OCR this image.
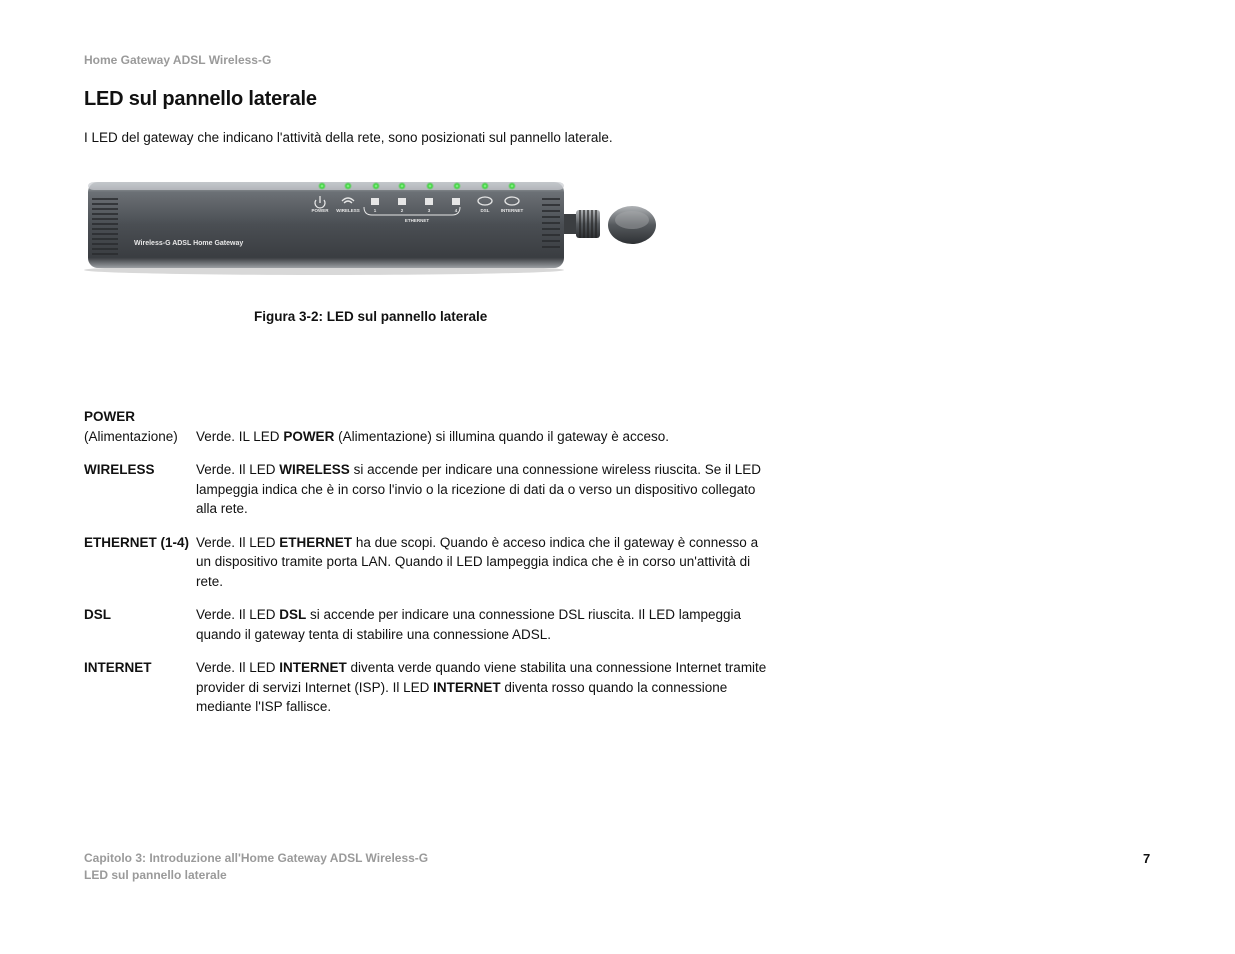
Home Gateway ADSL Wireless-G
LED sul pannello laterale
I LED del gateway che indicano l'attività della rete, sono posizionati sul pannello laterale.
POWER WIRELESS	1	2	3	4	DSL	INTERNET
ETHERNET
Wireless-G ADSL Home Gateway
Figura 3-2: LED sul pannello laterale
POWER
(Alimentazione)	Verde. IL LED POWER (Alimentazione) si illumina quando il gateway è acceso.
WIRELESS	Verde. Il LED WIRELESS si accende per indicare una connessione wireless riuscita. Se il LED lampeggia indica che è in corso l'invio o la ricezione di dati da o verso un dispositivo collegato alla rete.
ETHERNET (1-4) Verde. Il LED ETHERNET ha due scopi. Quando è acceso indica che il gateway è connesso a un dispositivo tramite porta LAN. Quando il LED lampeggia indica che è in corso un'attività di rete.
DSL	Verde. Il LED DSL si accende per indicare una connessione DSL riuscita. Il LED lampeggia quando il gateway tenta di stabilire una connessione ADSL.
INTERNET	Verde. Il LED INTERNET diventa verde quando viene stabilita una connessione Internet tramite provider di servizi Internet (ISP). Il LED INTERNET diventa rosso quando la connessione mediante l'ISP fallisce.
Capitolo 3: Introduzione all'Home Gateway ADSL Wireless-G
LED sul pannello laterale
7
